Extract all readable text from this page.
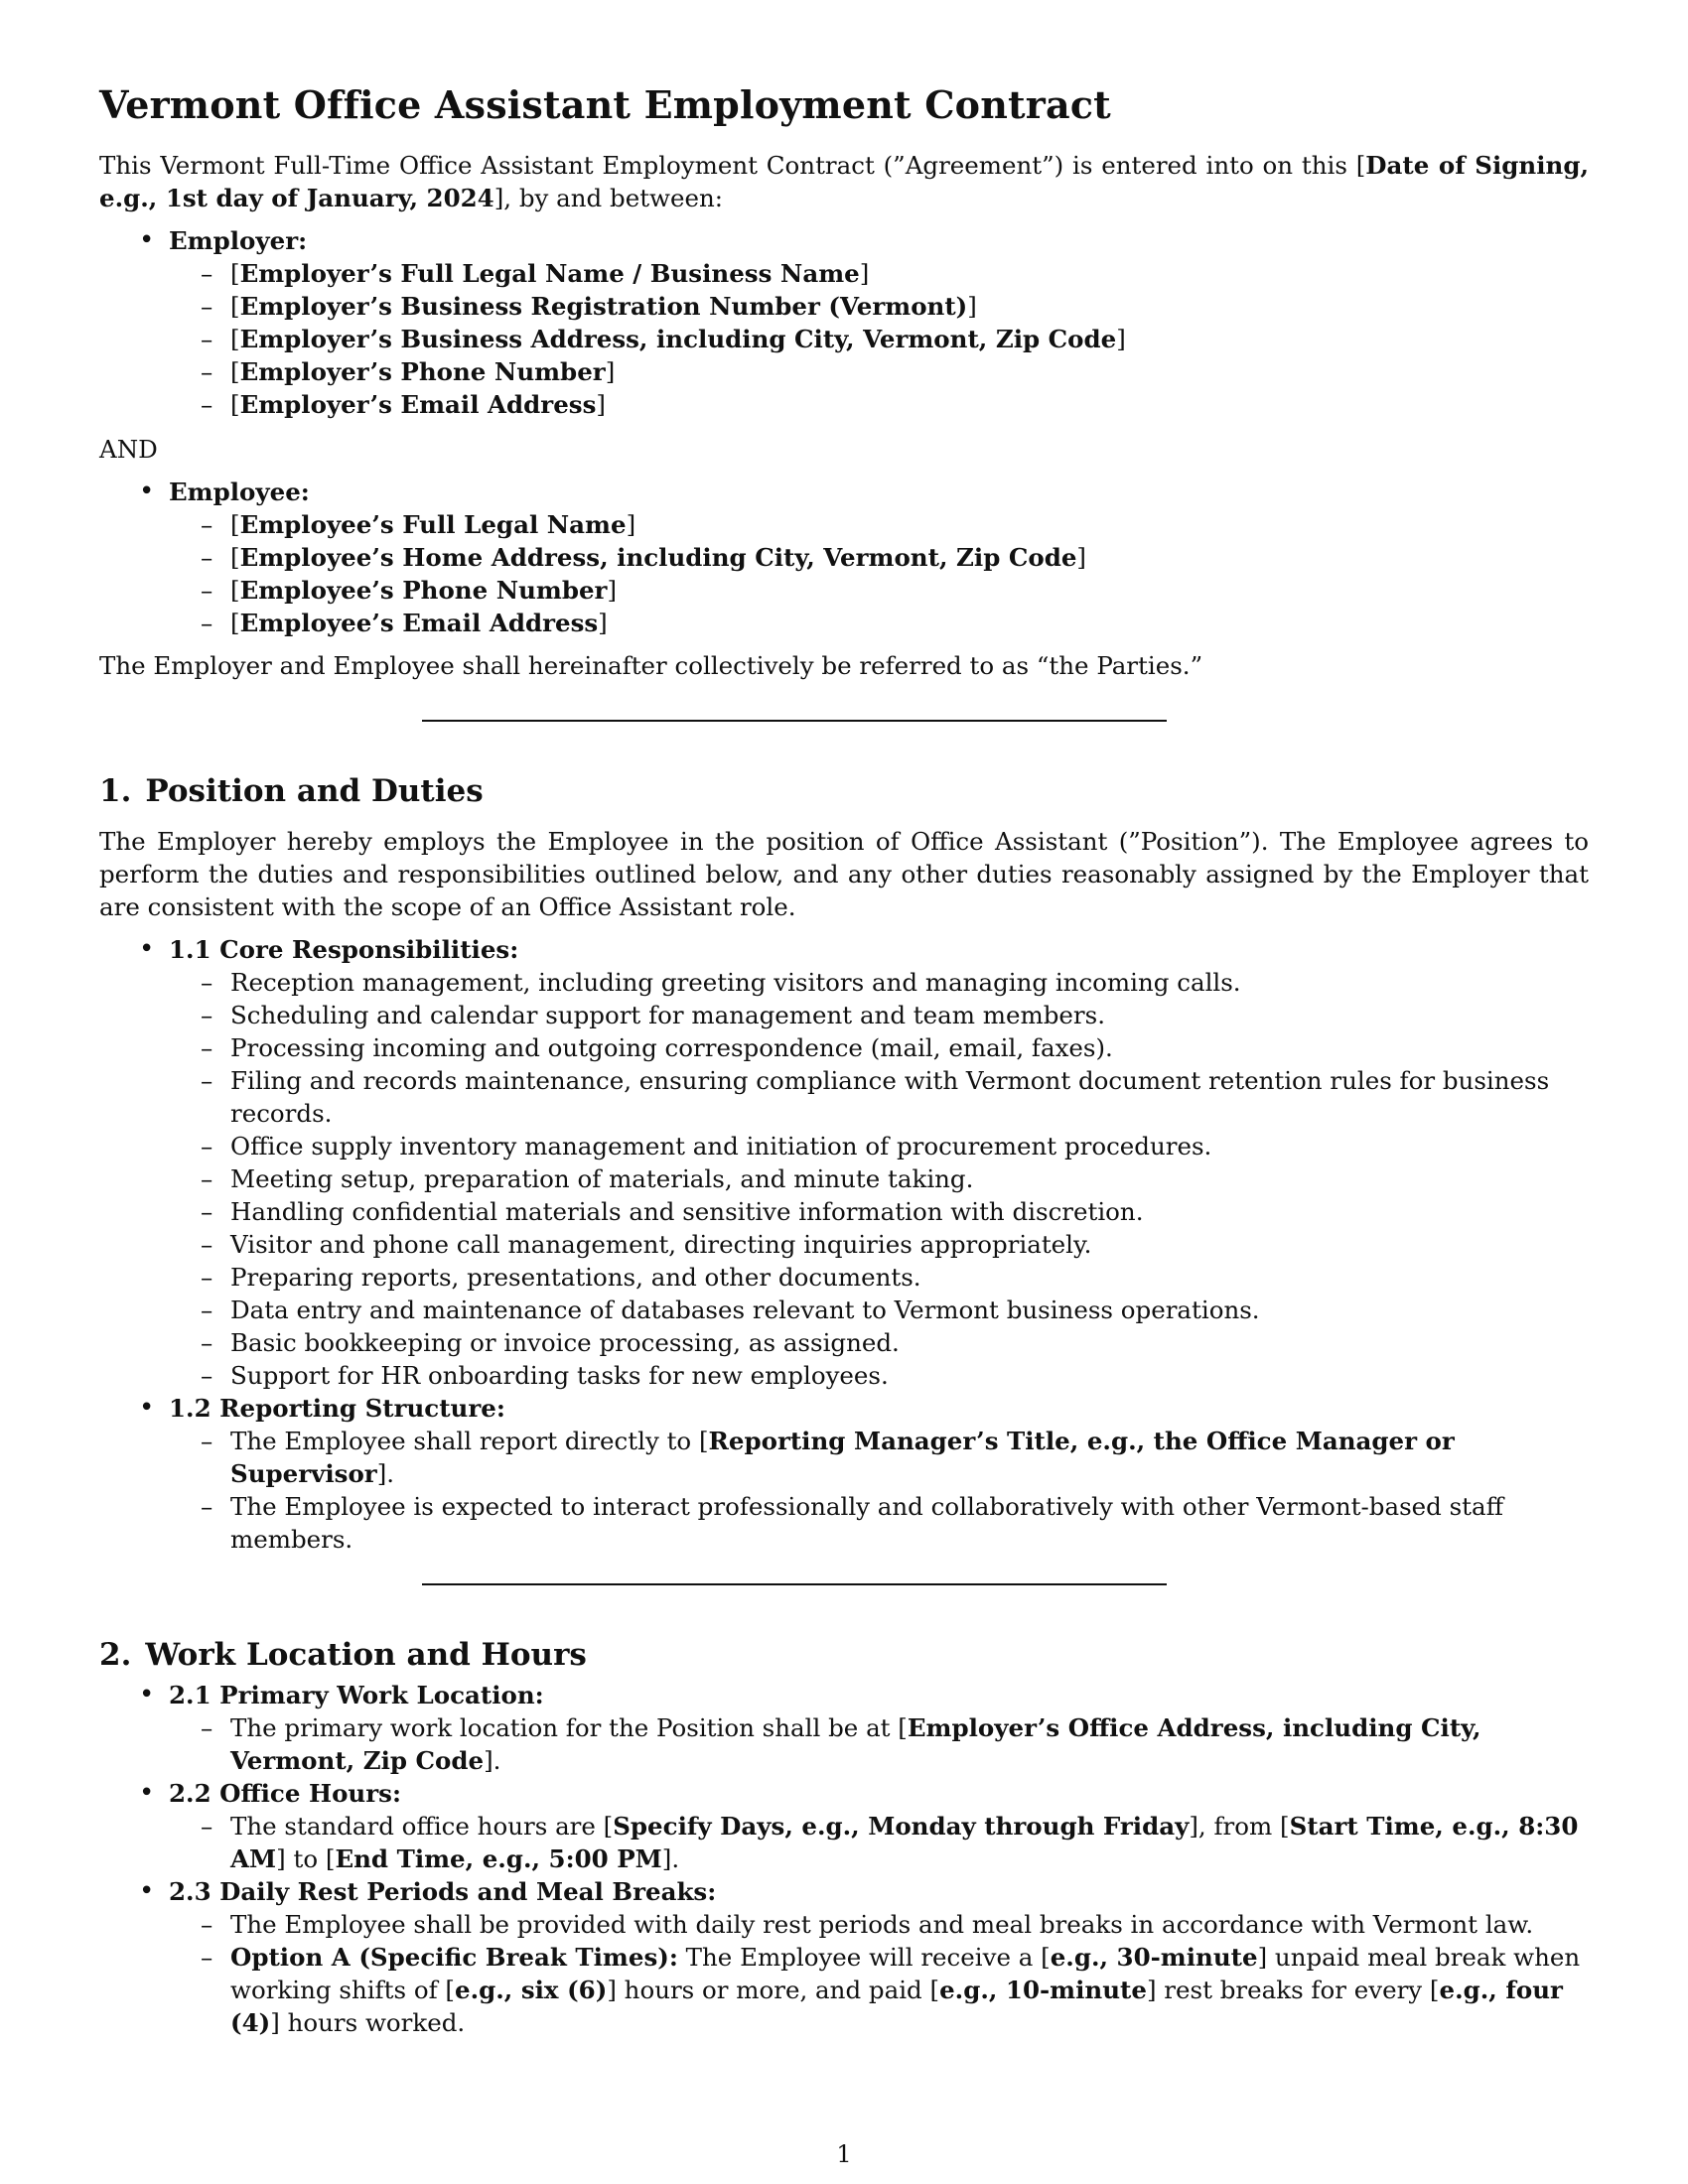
Vermont Office Assistant Employment Contract

This Vermont Full-Time Office Assistant Employment Contract (”Agreement”) is entered into on this [Date of Signing, e.g., 1st day of January, 2024], by and between:

• Employer:
– [Employer’s Full Legal Name / Business Name]
– [Employer’s Business Registration Number (Vermont)]
– [Employer’s Business Address, including City, Vermont, Zip Code]
– [Employer’s Phone Number]
– [Employer’s Email Address]

AND

• Employee:
– [Employee’s Full Legal Name]
– [Employee’s Home Address, including City, Vermont, Zip Code]
– [Employee’s Phone Number]
– [Employee’s Email Address]

The Employer and Employee shall hereinafter collectively be referred to as “the Parties.”

1. Position and Duties

The Employer hereby employs the Employee in the position of Office Assistant (”Position”). The Employee agrees to perform the duties and responsibilities outlined below, and any other duties reasonably assigned by the Employer that are consistent with the scope of an Office Assistant role.

• 1.1 Core Responsibilities:
– Reception management, including greeting visitors and managing incoming calls.
– Scheduling and calendar support for management and team members.
– Processing incoming and outgoing correspondence (mail, email, faxes).
– Filing and records maintenance, ensuring compliance with Vermont document retention rules for business records.
– Office supply inventory management and initiation of procurement procedures.
– Meeting setup, preparation of materials, and minute taking.
– Handling confidential materials and sensitive information with discretion.
– Visitor and phone call management, directing inquiries appropriately.
– Preparing reports, presentations, and other documents.
– Data entry and maintenance of databases relevant to Vermont business operations.
– Basic bookkeeping or invoice processing, as assigned.
– Support for HR onboarding tasks for new employees.
• 1.2 Reporting Structure:
– The Employee shall report directly to [Reporting Manager’s Title, e.g., the Office Manager or Supervisor].
– The Employee is expected to interact professionally and collaboratively with other Vermont-based staff members.
2. Work Location and Hours
• 2.1 Primary Work Location:
– The primary work location for the Position shall be at [Employer’s Office Address, including City, Vermont, Zip Code].
• 2.2 Office Hours:
– The standard office hours are [Specify Days, e.g., Monday through Friday], from [Start Time, e.g., 8:30 AM] to [End Time, e.g., 5:00 PM].
• 2.3 Daily Rest Periods and Meal Breaks:
– The Employee shall be provided with daily rest periods and meal breaks in accordance with Vermont law.
– Option A (Specific Break Times): The Employee will receive a [e.g., 30-minute] unpaid meal break when working shifts of [e.g., six (6)] hours or more, and paid [e.g., 10-minute] rest breaks for every [e.g., four (4)] hours worked.
1
